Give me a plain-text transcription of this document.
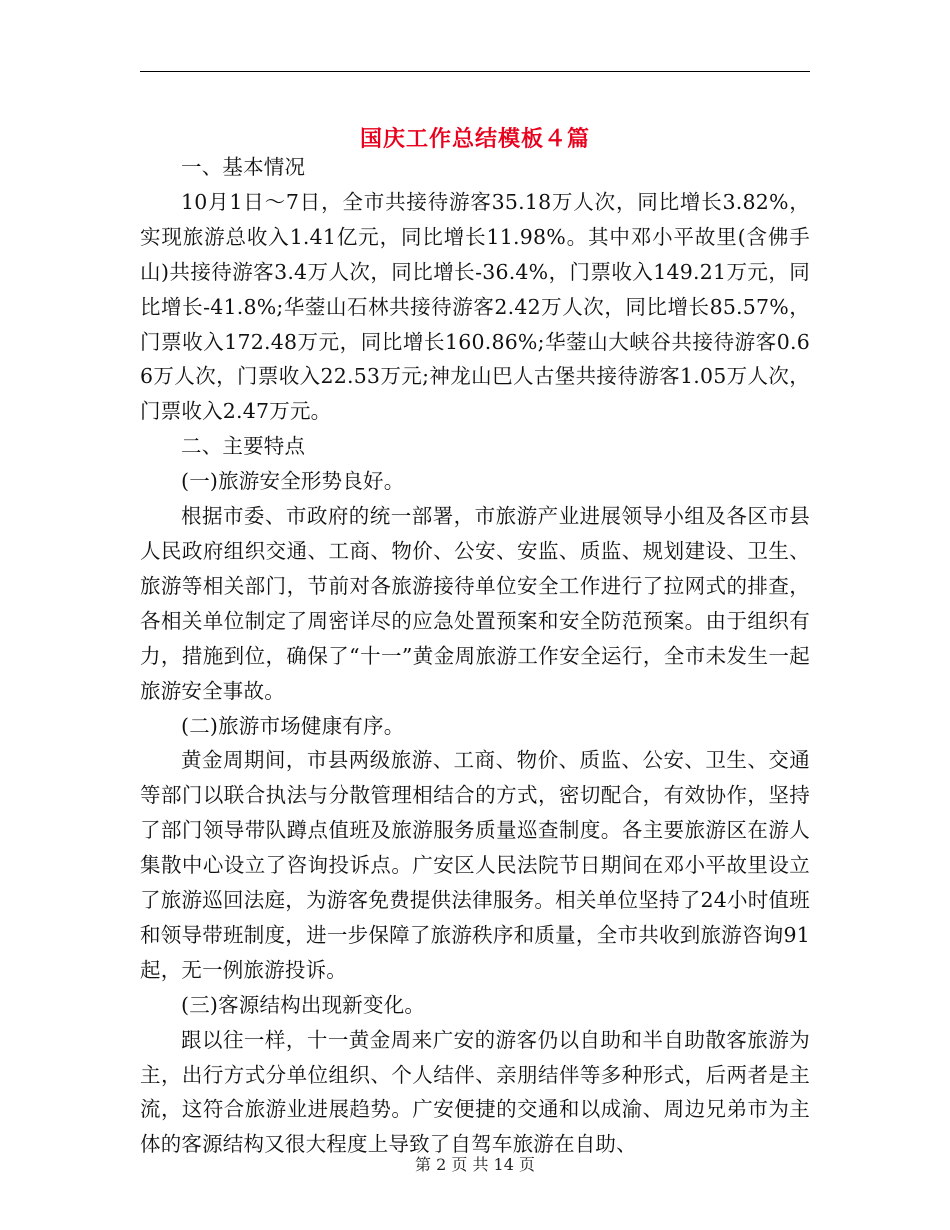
国庆工作总结模板４篇

一、基本情况

10月1日～7日，全市共接待游客35.18万人次，同比增长3.82%，实现旅游总收入1.41亿元，同比增长11.98%。其中邓小平故里(含佛手山)共接待游客3.4万人次，同比增长-36.4%，门票收入149.21万元，同比增长-41.8%;华蓥山石林共接待游客2.42万人次，同比增长85.57%，门票收入172.48万元，同比增长160.86%;华蓥山大峡谷共接待游客0.66万人次，门票收入22.53万元;神龙山巴人古堡共接待游客1.05万人次，门票收入2.47万元。

二、主要特点

(一)旅游安全形势良好。

根据市委、市政府的统一部署，市旅游产业进展领导小组及各区市县人民政府组织交通、工商、物价、公安、安监、质监、规划建设、卫生、旅游等相关部门，节前对各旅游接待单位安全工作进行了拉网式的排查，各相关单位制定了周密详尽的应急处置预案和安全防范预案。由于组织有力，措施到位，确保了“十一”黄金周旅游工作安全运行，全市未发生一起旅游安全事故。

(二)旅游市场健康有序。

黄金周期间，市县两级旅游、工商、物价、质监、公安、卫生、交通等部门以联合执法与分散管理相结合的方式，密切配合，有效协作，坚持了部门领导带队蹲点值班及旅游服务质量巡查制度。各主要旅游区在游人集散中心设立了咨询投诉点。广安区人民法院节日期间在邓小平故里设立了旅游巡回法庭，为游客免费提供法律服务。相关单位坚持了24小时值班和领导带班制度，进一步保障了旅游秩序和质量，全市共收到旅游咨询91起，无一例旅游投诉。

(三)客源结构出现新变化。

跟以往一样，十一黄金周来广安的游客仍以自助和半自助散客旅游为主，出行方式分单位组织、个人结伴、亲朋结伴等多种形式，后两者是主流，这符合旅游业进展趋势。广安便捷的交通和以成渝、周边兄弟市为主体的客源结构又很大程度上导致了自驾车旅游在自助、

第 2 页 共 14 页
